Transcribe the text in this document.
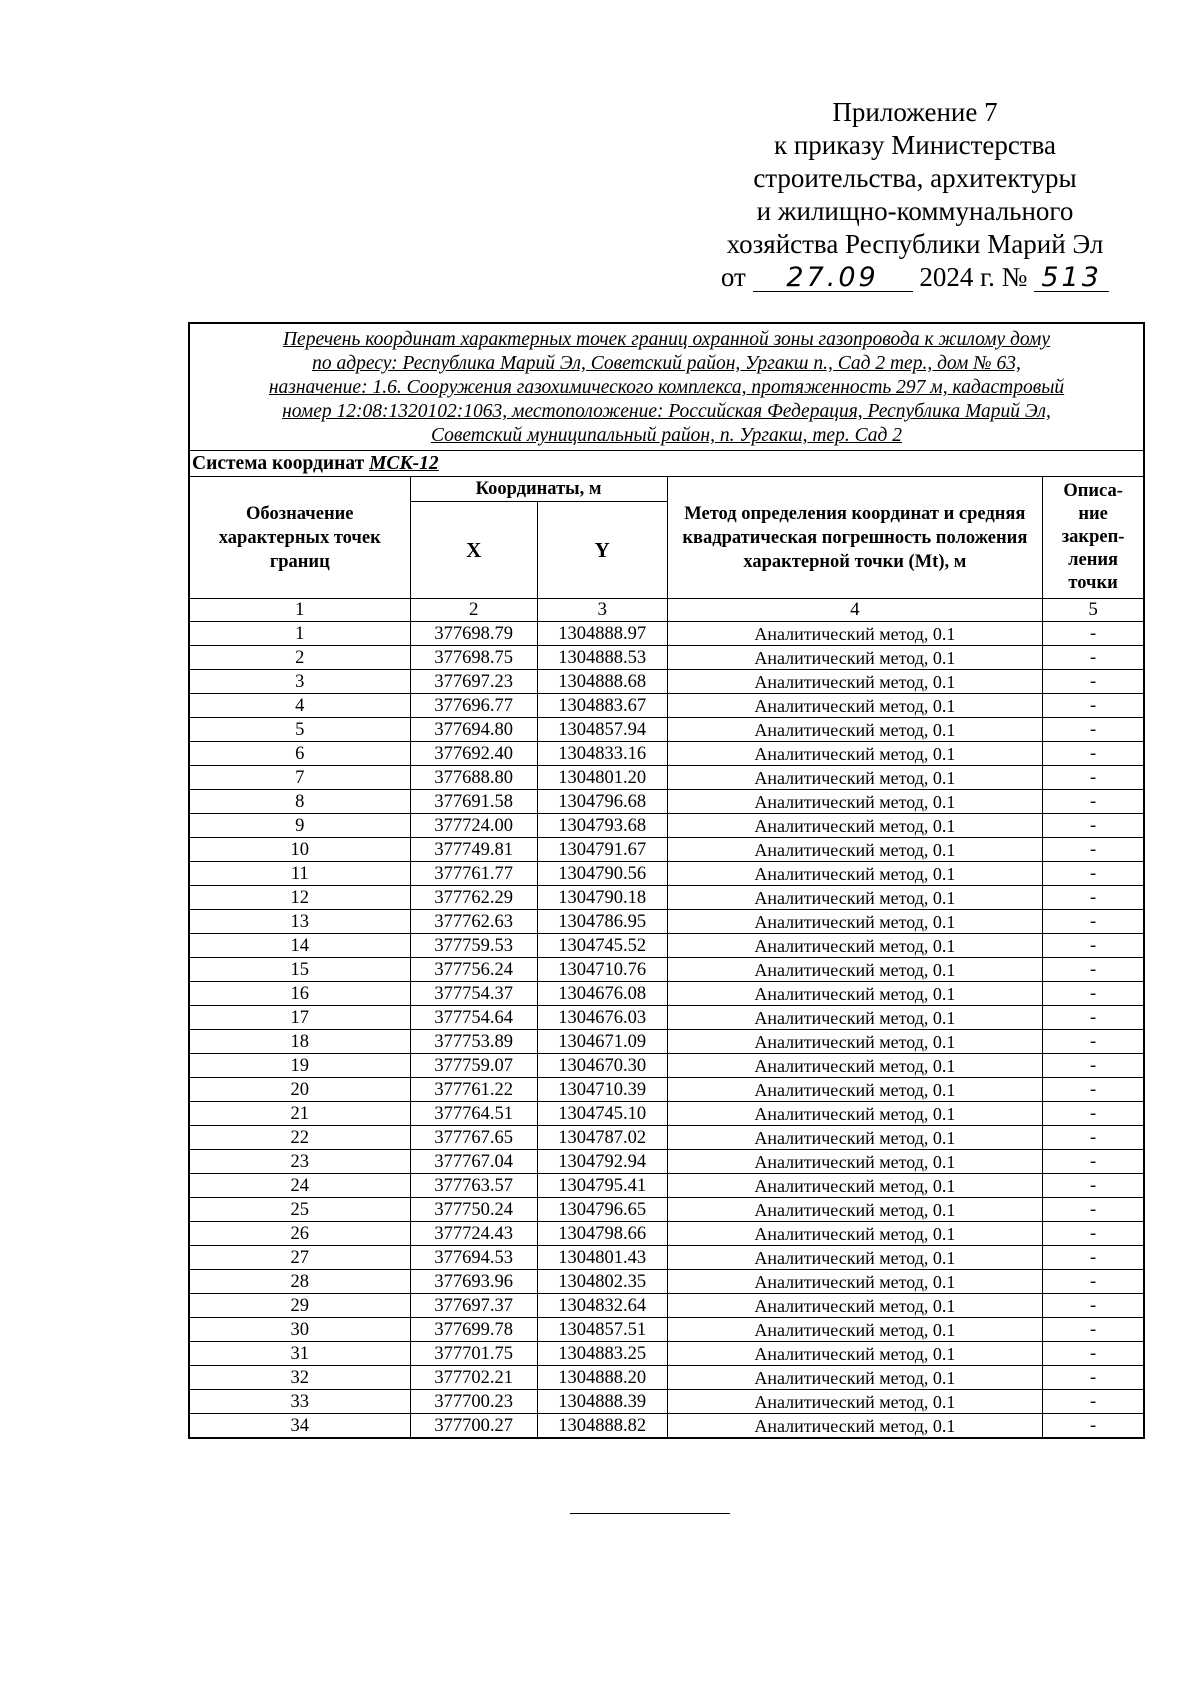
Приложение 7
к приказу Министерства
строительства, архитектуры
и жилищно-коммунального
хозяйства Республики Марий Эл
от 27.09 2024 г. № 513
Перечень координат характерных точек границ охранной зоны газопровода к жилому дому
по адресу: Республика Марий Эл, Советский район, Ургакш п., Сад 2 тер., дом № 63,
назначение: 1.6. Сооружения газохимического комплекса, протяженность 297 м, кадастровый
номер 12:08:1320102:1063, местоположение: Российская Федерация, Республика Марий Эл,
Советский муниципальный район, п. Ургакш, тер. Сад 2				

Система координат МСК-12				
Обозначение характерных точек границ	Координаты, м		Метод определения координат и средняя квадратическая погрешность положения характерной точки (Mt), м	Описа-ние закреп-ления точки
	X	Y		
1	2	3	4	5
1	377698.79	1304888.97	Аналитический метод, 0.1	-
2	377698.75	1304888.53	Аналитический метод, 0.1	-
3	377697.23	1304888.68	Аналитический метод, 0.1	-
4	377696.77	1304883.67	Аналитический метод, 0.1	-
5	377694.80	1304857.94	Аналитический метод, 0.1	-
6	377692.40	1304833.16	Аналитический метод, 0.1	-
7	377688.80	1304801.20	Аналитический метод, 0.1	-
8	377691.58	1304796.68	Аналитический метод, 0.1	-
9	377724.00	1304793.68	Аналитический метод, 0.1	-
10	377749.81	1304791.67	Аналитический метод, 0.1	-
11	377761.77	1304790.56	Аналитический метод, 0.1	-
12	377762.29	1304790.18	Аналитический метод, 0.1	-
13	377762.63	1304786.95	Аналитический метод, 0.1	-
14	377759.53	1304745.52	Аналитический метод, 0.1	-
15	377756.24	1304710.76	Аналитический метод, 0.1	-
16	377754.37	1304676.08	Аналитический метод, 0.1	-
17	377754.64	1304676.03	Аналитический метод, 0.1	-
18	377753.89	1304671.09	Аналитический метод, 0.1	-
19	377759.07	1304670.30	Аналитический метод, 0.1	-
20	377761.22	1304710.39	Аналитический метод, 0.1	-
21	377764.51	1304745.10	Аналитический метод, 0.1	-
22	377767.65	1304787.02	Аналитический метод, 0.1	-
23	377767.04	1304792.94	Аналитический метод, 0.1	-
24	377763.57	1304795.41	Аналитический метод, 0.1	-
25	377750.24	1304796.65	Аналитический метод, 0.1	-
26	377724.43	1304798.66	Аналитический метод, 0.1	-
27	377694.53	1304801.43	Аналитический метод, 0.1	-
28	377693.96	1304802.35	Аналитический метод, 0.1	-
29	377697.37	1304832.64	Аналитический метод, 0.1	-
30	377699.78	1304857.51	Аналитический метод, 0.1	-
31	377701.75	1304883.25	Аналитический метод, 0.1	-
32	377702.21	1304888.20	Аналитический метод, 0.1	-
33	377700.23	1304888.39	Аналитический метод, 0.1	-
34	377700.27	1304888.82	Аналитический метод, 0.1	-
